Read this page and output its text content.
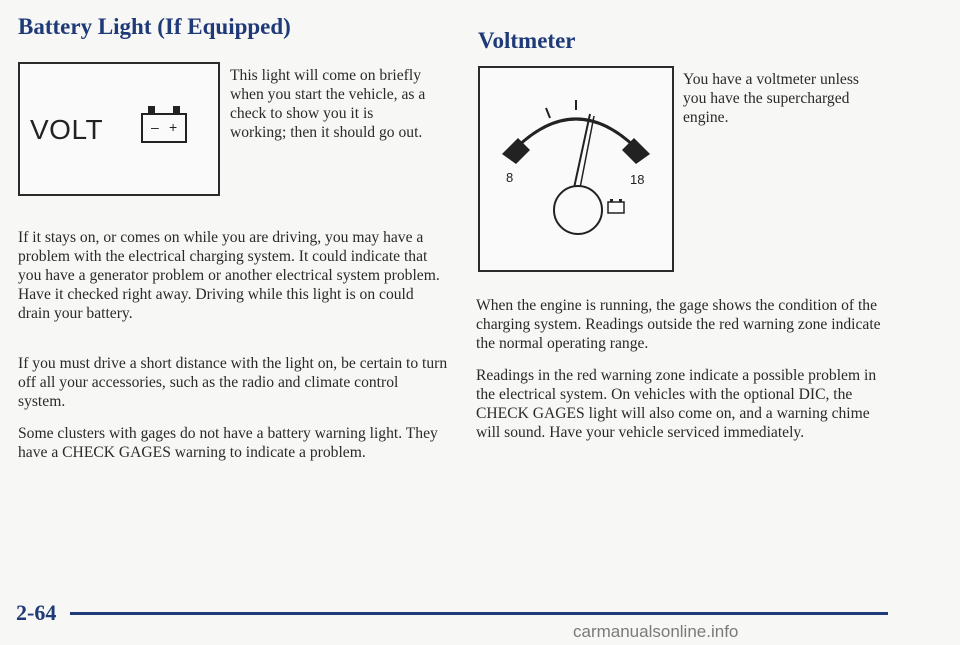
Battery Light (If Equipped)
VOLT	– +

This light will come on briefly when you start the vehicle, as a check to show you it is working; then it should go out.

If it stays on, or comes on while you are driving, you may have a problem with the electrical charging system. It could indicate that you have a generator problem or another electrical system problem. Have it checked right away. Driving while this light is on could drain your battery.

If you must drive a short distance with the light on, be certain to turn off all your accessories, such as the radio and climate control system.

Some clusters with gages do not have a battery warning light. They have a CHECK GAGES warning to indicate a problem.

Voltmeter
8	18

You have a voltmeter unless you have the supercharged engine.

When the engine is running, the gage shows the condition of the charging system. Readings outside the red warning zone indicate the normal operating range.

Readings in the red warning zone indicate a possible problem in the electrical system. On vehicles with the optional DIC, the CHECK GAGES light will also come on, and a warning chime will sound. Have your vehicle serviced immediately.

2-64

carmanualsonline.info
